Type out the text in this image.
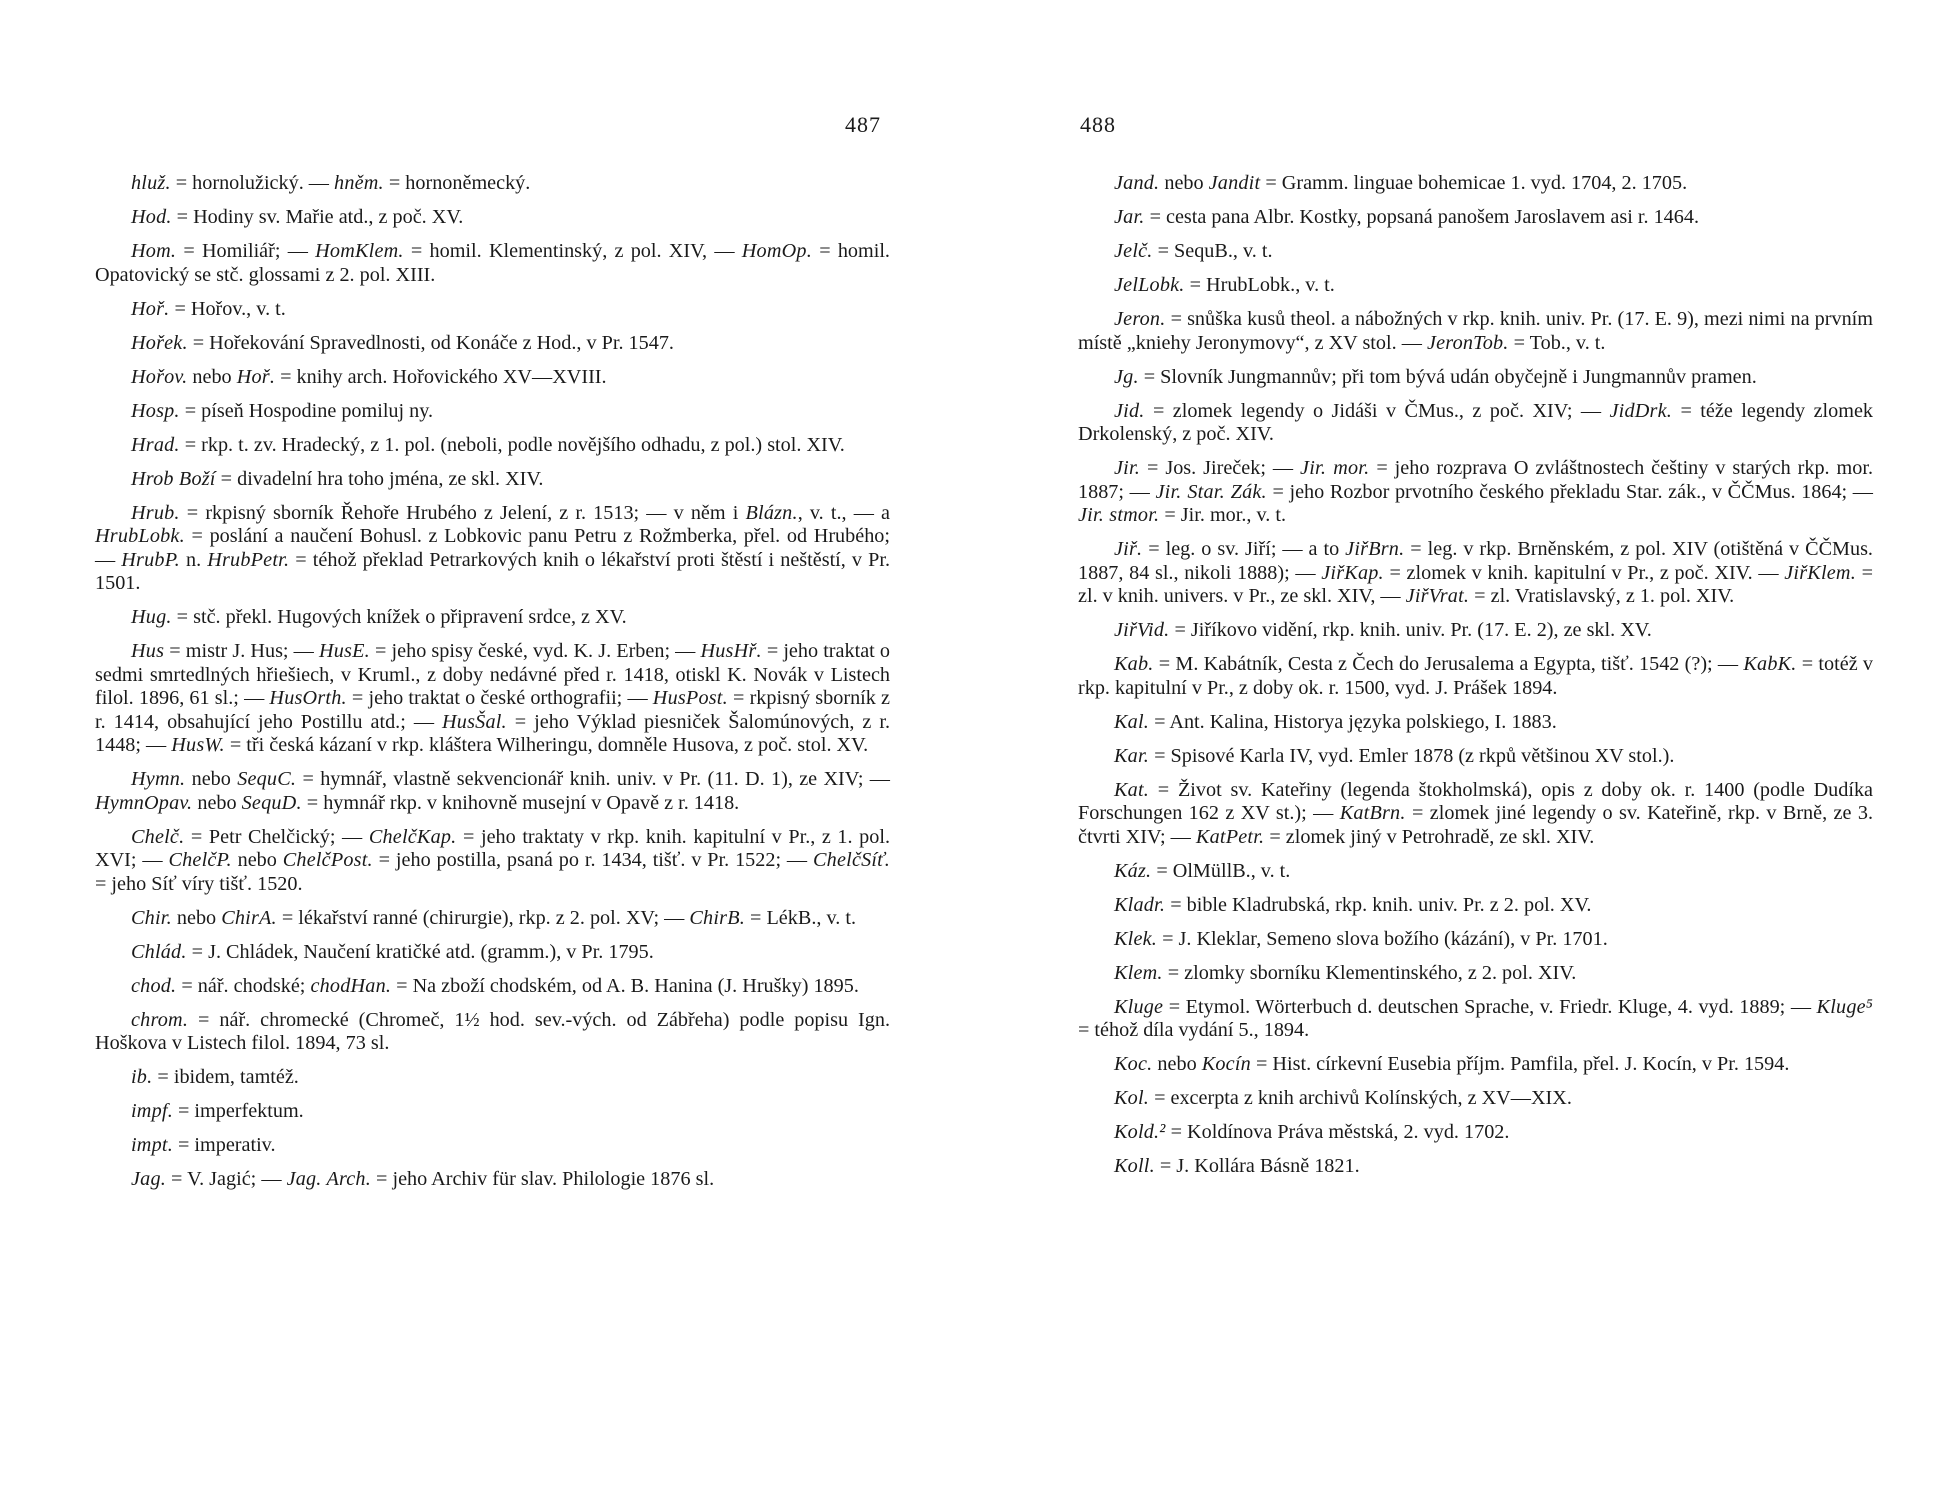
487

hluž. = hornolužický. — hněm. = hornoněmecký.

Hod. = Hodiny sv. Mařie atd., z poč. XV.

Hom. = Homiliář; — HomKlem. = homil. Klementinský, z pol. XIV, — HomOp. = homil. Opatovický se stč. glossami z 2. pol. XIII.

Hoř. = Hořov., v. t.

Hořek. = Hořekování Spravedlnosti, od Konáče z Hod., v Pr. 1547.

Hořov. nebo Hoř. = knihy arch. Hořovického XV—XVIII.

Hosp. = píseň Hospodine pomiluj ny.

Hrad. = rkp. t. zv. Hradecký, z 1. pol. (neboli, podle novějšího odhadu, z pol.) stol. XIV.

Hrob Boží = divadelní hra toho jména, ze skl. XIV.

Hrub. = rkpisný sborník Řehoře Hrubého z Jelení, z r. 1513; — v něm i Blázn., v. t., — a HrubLobk. = poslání a naučení Bohusl. z Lobkovic panu Petru z Rožmberka, přel. od Hrubého; — HrubP. n. HrubPetr. = téhož překlad Petrarkových knih o lékařství proti štěstí i neštěstí, v Pr. 1501.

Hug. = stč. překl. Hugových knížek o připravení srdce, z XV.

Hus = mistr J. Hus; — HusE. = jeho spisy české, vyd. K. J. Erben; — HusHř. = jeho traktat o sedmi smrtedlných hřiešiech, v Kruml., z doby nedávné před r. 1418, otiskl K. Novák v Listech filol. 1896, 61 sl.; — HusOrth. = jeho traktat o české orthografii; — HusPost. = rkpisný sborník z r. 1414, obsahující jeho Postillu atd.; — HusŠal. = jeho Výklad piesniček Šalomúnových, z r. 1448; — HusW. = tři česká kázaní v rkp. kláštera Wilheringu, domněle Husova, z poč. stol. XV.

Hymn. nebo SequC. = hymnář, vlastně sekvencionář knih. univ. v Pr. (11. D. 1), ze XIV; — HymnOpav. nebo SequD. = hymnář rkp. v knihovně musejní v Opavě z r. 1418.

Chelč. = Petr Chelčický; — ChelčKap. = jeho traktaty v rkp. knih. kapitulní v Pr., z 1. pol. XVI; — ChelčP. nebo ChelčPost. = jeho postilla, psaná po r. 1434, tišť. v Pr. 1522; — ChelčSíť. = jeho Síť víry tišť. 1520.

Chir. nebo ChirA. = lékařství ranné (chirurgie), rkp. z 2. pol. XV; — ChirB. = LékB., v. t.

Chlád. = J. Chládek, Naučení kratičké atd. (gramm.), v Pr. 1795.

chod. = nář. chodské; chodHan. = Na zboží chodském, od A. B. Hanina (J. Hrušky) 1895.

chrom. = nář. chromecké (Chromeč, 1½ hod. sev.-vých. od Zábřeha) podle popisu Ign. Hoškova v Listech filol. 1894, 73 sl.

ib. = ibidem, tamtéž.

impf. = imperfektum.

impt. = imperativ.

Jag. = V. Jagić; — Jag. Arch. = jeho Archiv für slav. Philologie 1876 sl.

488

Jand. nebo Jandit = Gramm. linguae bohemicae 1. vyd. 1704, 2. 1705.

Jar. = cesta pana Albr. Kostky, popsaná panošem Jaroslavem asi r. 1464.

Jelč. = SequB., v. t.

JelLobk. = HrubLobk., v. t.

Jeron. = snůška kusů theol. a nábožných v rkp. knih. univ. Pr. (17. E. 9), mezi nimi na prvním místě „kniehy Jeronymovy“, z XV stol. — JeronTob. = Tob., v. t.

Jg. = Slovník Jungmannův; při tom bývá udán obyčejně i Jungmannův pramen.

Jid. = zlomek legendy o Jidáši v ČMus., z poč. XIV; — JidDrk. = téže legendy zlomek Drkolenský, z poč. XIV.

Jir. = Jos. Jireček; — Jir. mor. = jeho rozprava O zvláštnostech češtiny v starých rkp. mor. 1887; — Jir. Star. Zák. = jeho Rozbor prvotního českého překladu Star. zák., v ČČMus. 1864; — Jir. stmor. = Jir. mor., v. t.

Jiř. = leg. o sv. Jiří; — a to JiřBrn. = leg. v rkp. Brněnském, z pol. XIV (otištěná v ČČMus. 1887, 84 sl., nikoli 1888); — JiřKap. = zlomek v knih. kapitulní v Pr., z poč. XIV. — JiřKlem. = zl. v knih. univers. v Pr., ze skl. XIV, — JiřVrat. = zl. Vratislavský, z 1. pol. XIV.

JiřVid. = Jiříkovo vidění, rkp. knih. univ. Pr. (17. E. 2), ze skl. XV.

Kab. = M. Kabátník, Cesta z Čech do Jerusalema a Egypta, tišť. 1542 (?); — KabK. = totéž v rkp. kapitulní v Pr., z doby ok. r. 1500, vyd. J. Prášek 1894.

Kal. = Ant. Kalina, Historya języka polskiego, I. 1883.

Kar. = Spisové Karla IV, vyd. Emler 1878 (z rkpů většinou XV stol.).

Kat. = Život sv. Kateřiny (legenda štokholmská), opis z doby ok. r. 1400 (podle Dudíka Forschungen 162 z XV st.); — KatBrn. = zlomek jiné legendy o sv. Kateřině, rkp. v Brně, ze 3. čtvrti XIV; — KatPetr. = zlomek jiný v Petrohradě, ze skl. XIV.

Káz. = OlMüllB., v. t.

Kladr. = bible Kladrubská, rkp. knih. univ. Pr. z 2. pol. XV.

Klek. = J. Kleklar, Semeno slova božího (kázání), v Pr. 1701.

Klem. = zlomky sborníku Klementinského, z 2. pol. XIV.

Kluge = Etymol. Wörterbuch d. deutschen Sprache, v. Friedr. Kluge, 4. vyd. 1889; — Kluge⁵ = téhož díla vydání 5., 1894.

Koc. nebo Kocín = Hist. církevní Eusebia příjm. Pamfila, přel. J. Kocín, v Pr. 1594.

Kol. = excerpta z knih archivů Kolínských, z XV—XIX.

Kold.² = Koldínova Práva městská, 2. vyd. 1702.

Koll. = J. Kollára Básně 1821.
